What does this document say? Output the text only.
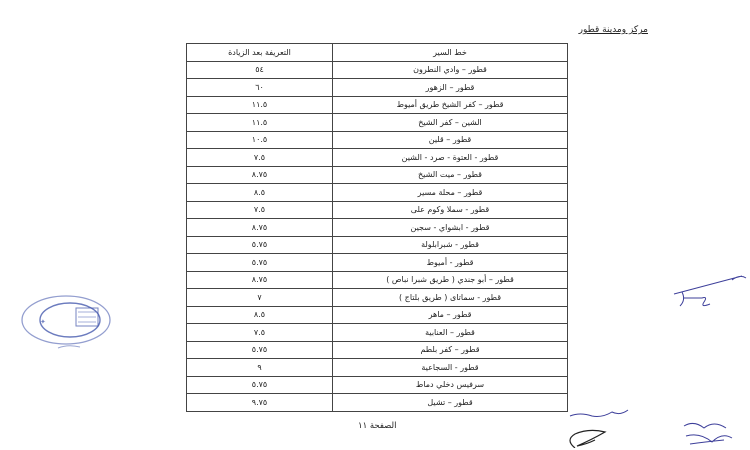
مركز ومدينة قطور
خط السير	التعريفة بعد الزيادة
قطور – وادي النطرون	٥٤
قطور – الزهور	٦٠
قطور – كفر الشيخ طريق أميوط	١١.٥
الشين – كفر الشيخ	١١.٥
قطور – قلين	١٠.٥
قطور - العتوة - صرد - الشين	٧.٥
قطور – ميت الشيخ	٨.٧٥
قطور – محلة مسير	٨.٥
قطور - سملا وكوم على	٧.٥
قطور - ابشواي - سجين	٨.٧٥
قطور - شبرابلولة	٥.٧٥
قطور - أميوط	٥.٧٥
قطور – أبو جندي ( طريق شبرا نباص )	٨.٧٥
قطور - سماتاى ( طريق بلتاج )	٧
قطور – ماهر	٨.٥
قطور – العنابية	٧.٥
قطور – كفر بلطم	٥.٧٥
قطور - السجاعية	٩
سرفيس دخلي دماط	٥.٧٥
قطور – تشيل	٩.٧٥
✦
الصفحة ١١
